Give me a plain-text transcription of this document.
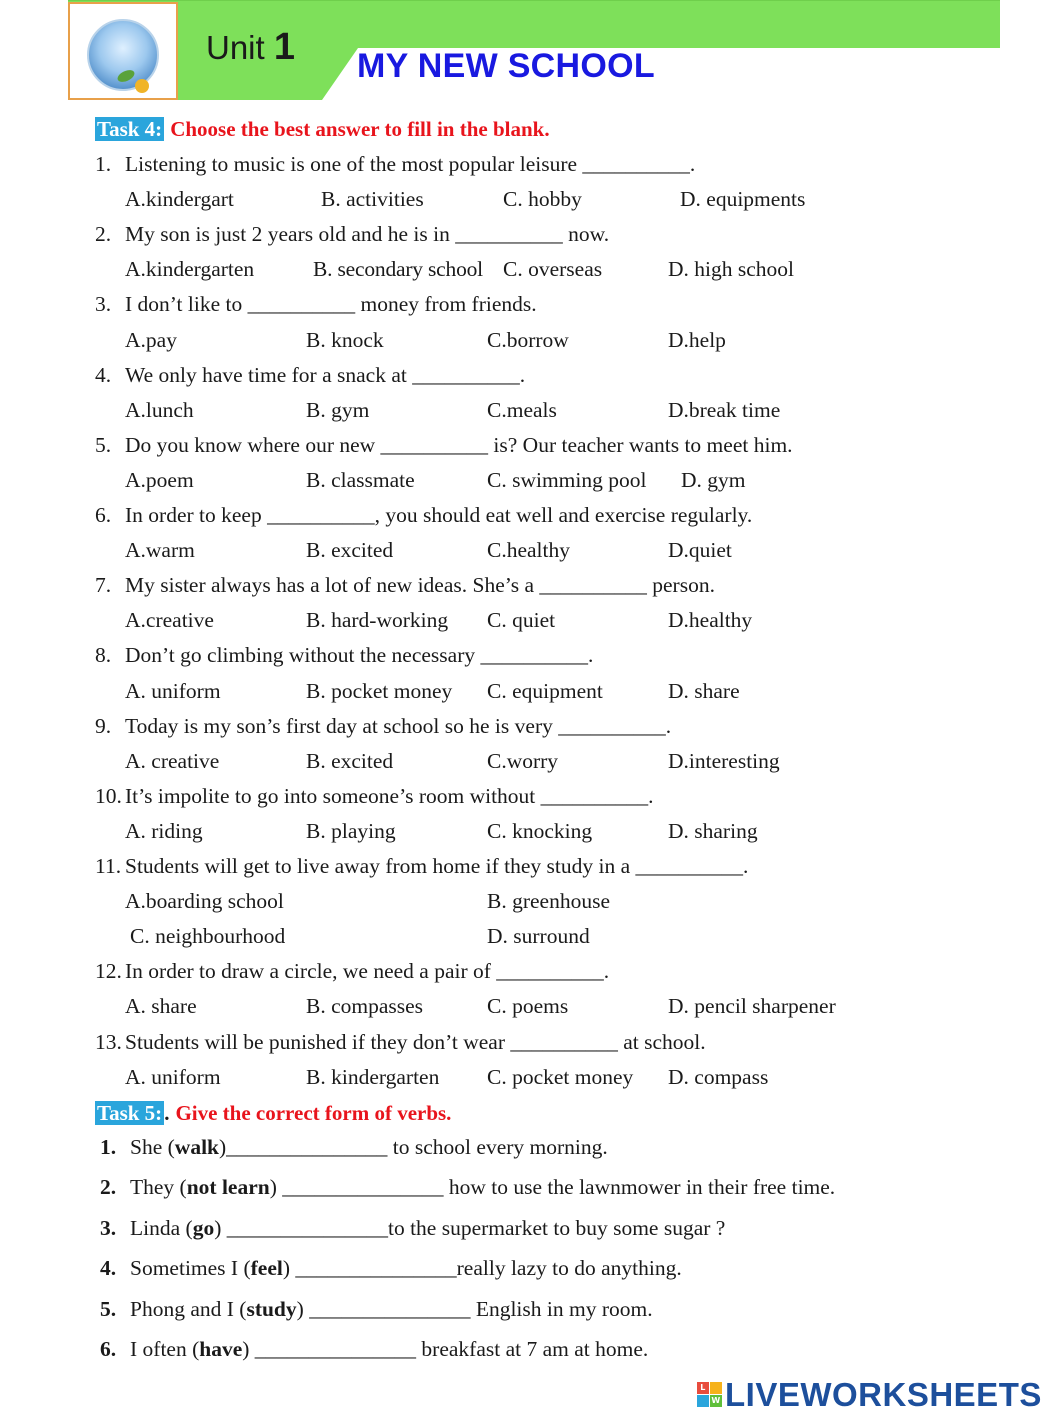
Unit 1 MY NEW SCHOOL
Task 4: Choose the best answer to fill in the blank.
1. Listening to music is one of the most popular leisure __________.
A.kindergart	B. activities	C. hobby	D. equipments
2. My son is just 2 years old and he is in __________ now.
A.kindergarten	B. secondary school C. overseas	D. high school
3. I don’t like to __________ money from friends.
A.pay	B. knock	C.borrow	D.help
4. We only have time for a snack at __________.
A.lunch	B. gym	C.meals	D.break time
5. Do you know where our new __________ is? Our teacher wants to meet him.
A.poem	B. classmate	C. swimming pool D. gym
6. In order to keep __________, you should eat well and exercise regularly.
A.warm	B. excited	C.healthy	D.quiet
7. My sister always has a lot of new ideas. She’s a __________ person.
A.creative	B. hard-working C. quiet	D.healthy
8. Don’t go climbing without the necessary __________.
A. uniform	B. pocket money C. equipment	D. share
9. Today is my son’s first day at school so he is very __________.
A. creative	B. excited	C.worry	D.interesting
10. It’s impolite to go into someone’s room without __________.
A. riding	B. playing	C. knocking	D. sharing
11. Students will get to live away from home if they study in a __________.
A.boarding school	B. greenhouse
C. neighbourhood	D. surround
12. In order to draw a circle, we need a pair of __________.
A. share	B. compasses	C. poems	D. pencil sharpener
13. Students will be punished if they don’t wear __________ at school.
A. uniform	B. kindergarten C. pocket money D. compass
Task 5:. Give the correct form of verbs.
1. She (walk)_______________ to school every morning.
2. They (not learn) _______________ how to use the lawnmower in their free time.
3. Linda (go) _______________to the supermarket to buy some sugar ?
4. Sometimes I (feel) _______________really lazy to do anything.
5. Phong and I (study) _______________ English in my room.
6. I often (have) _______________ breakfast at 7 am at home.
L
W LIVEWORKSHEETS
